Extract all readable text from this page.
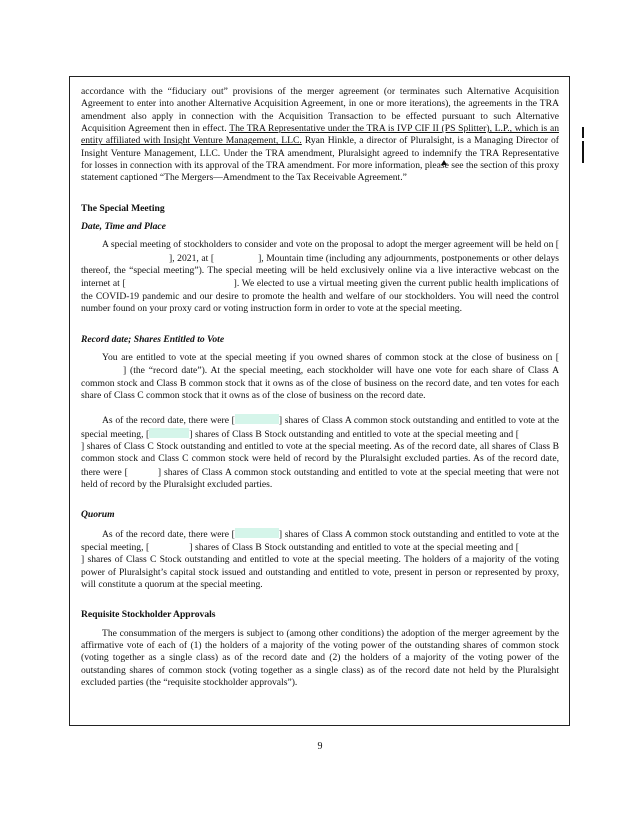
accordance with the “fiduciary out” provisions of the merger agreement (or terminates such Alternative Acquisition Agreement to enter into another Alternative Acquisition Agreement, in one or more iterations), the agreements in the TRA amendment also apply in connection with the Acquisition Transaction to be effected pursuant to such Alternative Acquisition Agreement then in effect. The TRA Representative under the TRA is IVP CIF II (PS Splitter), L.P., which is an entity affiliated with Insight Venture Management, LLC. Ryan Hinkle, a director of Pluralsight, is a Managing Director of Insight Venture Management, LLC. Under the TRA amendment, Pluralsight agreed to indemnify the TRA Representative for losses in connection with its approval of the TRA amendment. For more information, please see the section of this proxy statement captioned “The Mergers—Amendment to the Tax Receivable Agreement.”

The Special Meeting
Date, Time and Place

A special meeting of stockholders to consider and vote on the proposal to adopt the merger agreement will be held on [], 2021, at [	], Mountain time (including any adjournments, postponements or other delays thereof, the “special meeting”). The special meeting will be held exclusively online via a live interactive webcast on the internet at [	]. We elected to use a virtual meeting given the current public health implications of the COVID-19 pandemic and our desire to promote the health and welfare of our stockholders. You will need the control number found on your proxy card or voting instruction form in order to vote at the special meeting.

Record date; Shares Entitled to Vote

You are entitled to vote at the special meeting if you owned shares of common stock at the close of business on [] (the “record date”). At the special meeting, each stockholder will have one vote for each share of Class A common stock and Class B common stock that it owns as of the close of business on the record date, and ten votes for each share of Class C common stock that it owns as of the close of business on the record date.

As of the record date, there were [	] shares of Class A common stock outstanding and entitled to vote at the special meeting, [	] shares of Class B Stock outstanding and entitled to vote at the special meeting and [] shares of Class C Stock outstanding and entitled to vote at the special meeting. As of the record date, all shares of Class B common stock and Class C common stock were held of record by the Pluralsight excluded parties. As of the record date, there were [	] shares of Class A common stock outstanding and entitled to vote at the special meeting that were not held of record by the Pluralsight excluded parties.

Quorum

As of the record date, there were [	] shares of Class A common stock outstanding and entitled to vote at the special meeting, [	] shares of Class B Stock outstanding and entitled to vote at the special meeting and [] shares of Class C Stock outstanding and entitled to vote at the special meeting. The holders of a majority of the voting power of Pluralsight’s capital stock issued and outstanding and entitled to vote, present in person or represented by proxy, will constitute a quorum at the special meeting.

Requisite Stockholder Approvals

The consummation of the mergers is subject to (among other conditions) the adoption of the merger agreement by the affirmative vote of each of (1) the holders of a majority of the voting power of the outstanding shares of common stock (voting together as a single class) as of the record date and (2) the holders of a majority of the voting power of the outstanding shares of common stock (voting together as a single class) as of the record date not held by the Pluralsight excluded parties (the “requisite stockholder approvals”).

9
